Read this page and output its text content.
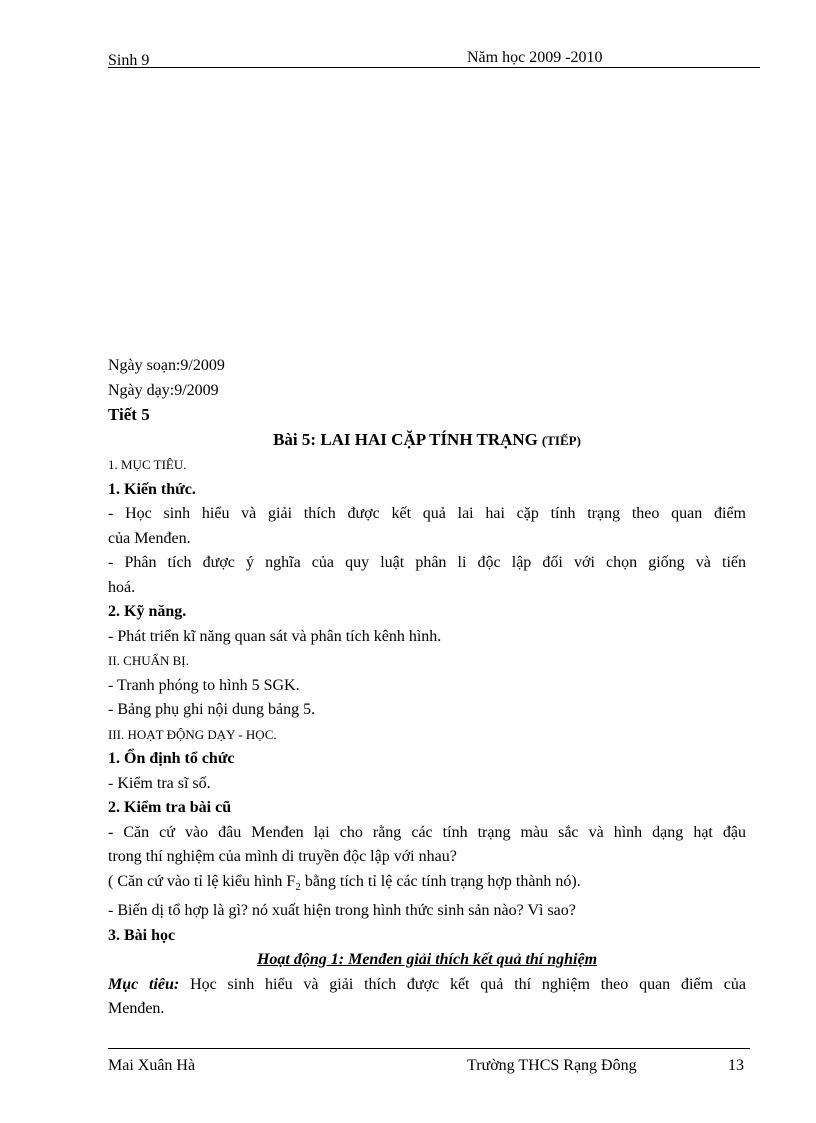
Sinh 9	Năm học 2009 -2010

Ngày soạn:9/2009

Ngày dạy:9/2009

Tiết 5

Bài 5: LAI HAI CẶP TÍNH TRẠNG (TIẾP)

1. MỤC TIÊU.

1. Kiến thức.

- Học sinh hiểu và giải thích được kết quả lai hai cặp tính trạng theo quan điểm

của Menđen.

- Phân tích được ý nghĩa của quy luật phân li độc lập đối với chọn giống và tiến

hoá.

2. Kỹ năng.

- Phát triển kĩ năng quan sát và phân tích kênh hình.

II. CHUẨN BỊ.

- Tranh phóng to hình 5 SGK.

- Bảng phụ ghi nội dung bảng 5.

III. HOẠT ĐỘNG DẠY - HỌC.

1. Ổn định tổ chức

- Kiểm tra sĩ số.

2. Kiểm tra bài cũ

- Căn cứ vào đâu Menđen lại cho rằng các tính trạng màu sắc và hình dạng hạt đậu

trong thí nghiệm của mình di truyền độc lập với nhau?

( Căn cứ vào tỉ lệ kiểu hình $F_2$ bằng tích tỉ lệ các tính trạng hợp thành nó).

- Biến dị tổ hợp là gì? nó xuất hiện trong hình thức sinh sản nào? Vì sao?

3. Bài học

Hoạt động 1: Menđen giải thích kết quả thí nghiệm

Mục tiêu: Học sinh hiểu và giải thích được kết quả thí nghiệm theo quan điểm của

Menđen.

Mai Xuân Hà	Trường THCS Rạng Đông	13
